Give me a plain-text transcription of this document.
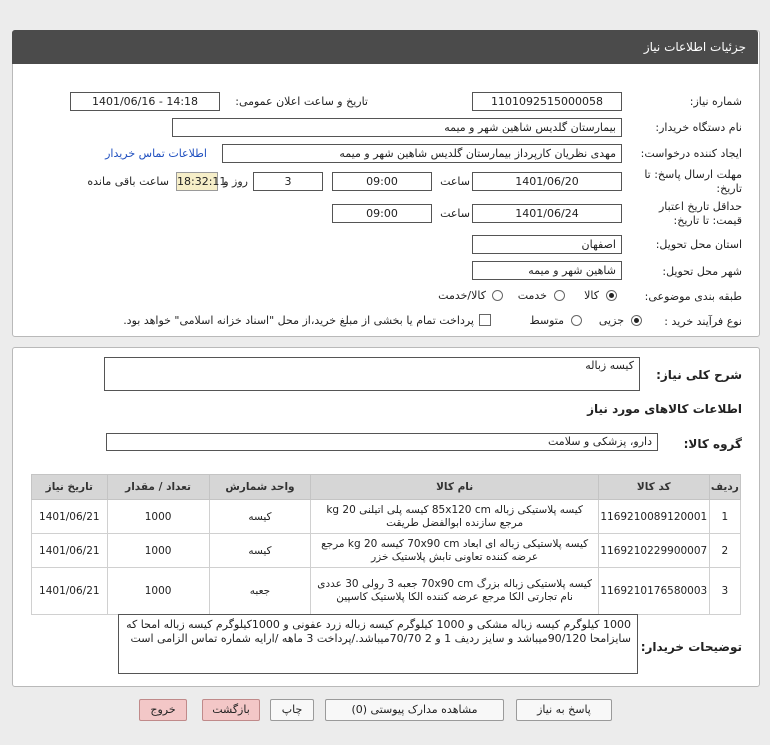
جزئیات اطلاعات نیاز
شماره نیاز:
1101092515000058
تاریخ و ساعت اعلان عمومی:
1401/06/16 - 14:18
نام دستگاه خریدار:
بیمارستان گلدیس شاهین شهر و میمه
ایجاد کننده درخواست:
مهدی نظریان کارپرداز بیمارستان گلدیس شاهین شهر و میمه
اطلاعات تماس خریدار
مهلت ارسال پاسخ: تا
تاریخ:
1401/06/20
ساعت
09:00
3
روز و
18:32:11
ساعت باقی مانده
حداقل تاریخ اعتبار
قیمت: تا تاریخ:
1401/06/24
ساعت
09:00
استان محل تحویل:
اصفهان
شهر محل تحویل:
شاهین شهر و میمه
طبقه بندی موضوعی:
کالا
خدمت
کالا/خدمت
نوع فرآیند خرید :
جزیی
متوسط
پرداخت تمام یا بخشی از مبلغ خرید،از محل "اسناد خزانه اسلامی" خواهد بود.
شرح کلی نیاز:
کیسه زباله
اطلاعات کالاهای مورد نیاز
گروه کالا:
دارو، پزشکی و سلامت
تاریخ نیاز	تعداد / مقدار	واحد شمارش	نام کالا	کد کالا	ردیف
1401/06/21	1000	کیسه	کیسه پلاستیکی زباله 85x120 cm کیسه پلی اتیلنی 20 kg مرجع سازنده ابوالفضل طریقت	1169210089120001	1
1401/06/21	1000	کیسه	کیسه پلاستیکی زباله ای ابعاد 70x90 cm کیسه 20 kg مرجع عرضه کننده تعاونی تابش پلاستیک خزر	1169210229900007	2
1401/06/21	1000	جعبه	کیسه پلاستیکی زباله بزرگ 70x90 cm جعبه 3 رولی 30 عددی نام تجارتی الکا مرجع عرضه کننده الکا پلاستیک کاسپین	1169210176580003	3
توضیحات خریدار:
1000 کیلوگرم کیسه زباله مشکی و 1000 کیلوگرم کیسه زباله زرد عفونی و 1000کیلوگرم کیسه زباله امحا که سایزامحا 90/120میباشد و سایز ردیف 1 و 2 70/70میباشد./پرداخت 3 ماهه /ارایه شماره تماس الزامی است
پاسخ به نیاز
مشاهده مدارک پیوستی (0)
چاپ
بازگشت
خروج
